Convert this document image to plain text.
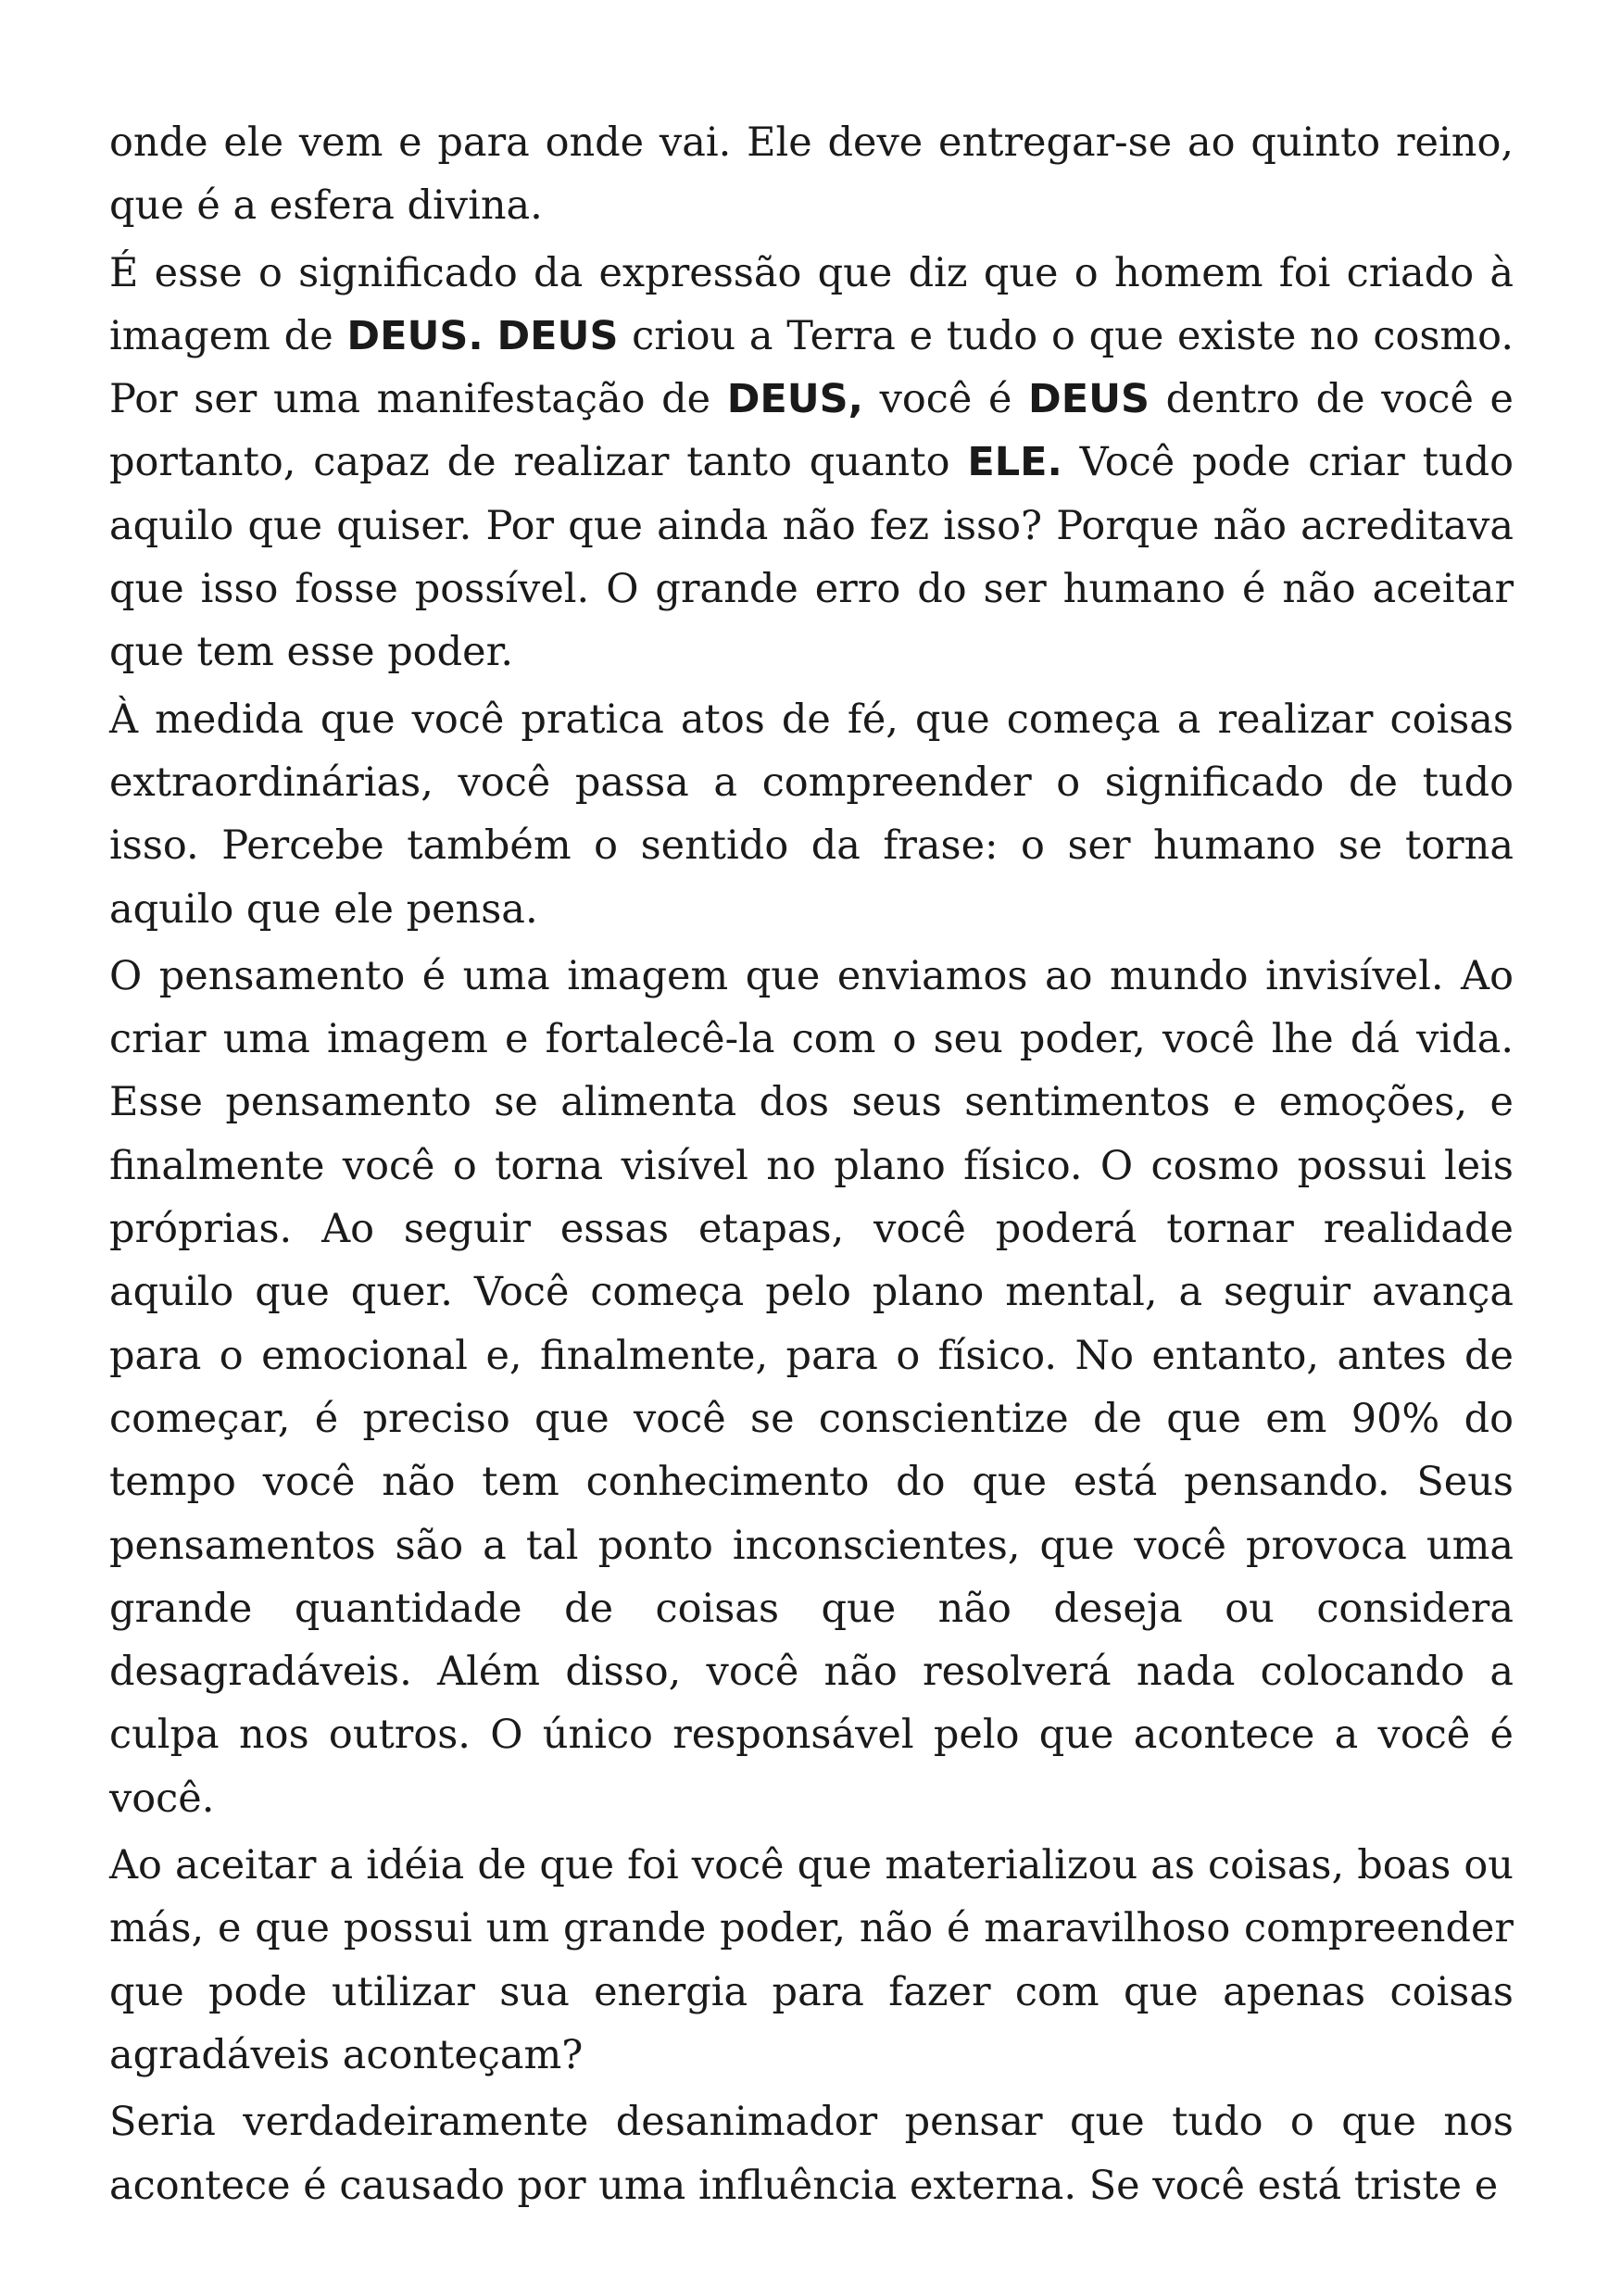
onde ele vem e para onde vai. Ele deve entregar-se ao quinto reino, que é a esfera divina.

É esse o significado da expressão que diz que o homem foi criado à imagem de DEUS. DEUS criou a Terra e tudo o que existe no cosmo. Por ser uma manifestação de DEUS, você é DEUS dentro de você e portanto, capaz de realizar tanto quanto ELE. Você pode criar tudo aquilo que quiser. Por que ainda não fez isso? Porque não acreditava que isso fosse possível. O grande erro do ser humano é não aceitar que tem esse poder.

À medida que você pratica atos de fé, que começa a realizar coisas extraordinárias, você passa a compreender o significado de tudo isso. Percebe também o sentido da frase: o ser humano se torna aquilo que ele pensa.

O pensamento é uma imagem que enviamos ao mundo invisível. Ao criar uma imagem e fortalecê-la com o seu poder, você lhe dá vida. Esse pensamento se alimenta dos seus sentimentos e emoções, e finalmente você o torna visível no plano físico. O cosmo possui leis próprias. Ao seguir essas etapas, você poderá tornar realidade aquilo que quer. Você começa pelo plano mental, a seguir avança para o emocional e, finalmente, para o físico. No entanto, antes de começar, é preciso que você se conscientize de que em 90% do tempo você não tem conhecimento do que está pensando. Seus pensamentos são a tal ponto inconscientes, que você provoca uma grande quantidade de coisas que não deseja ou considera desagradáveis. Além disso, você não resolverá nada colocando a culpa nos outros. O único responsável pelo que acontece a você é você.

Ao aceitar a idéia de que foi você que materializou as coisas, boas ou más, e que possui um grande poder, não é maravilhoso compreender que pode utilizar sua energia para fazer com que apenas coisas agradáveis aconteçam?

Seria verdadeiramente desanimador pensar que tudo o que nos acontece é causado por uma influência externa. Se você está triste e
